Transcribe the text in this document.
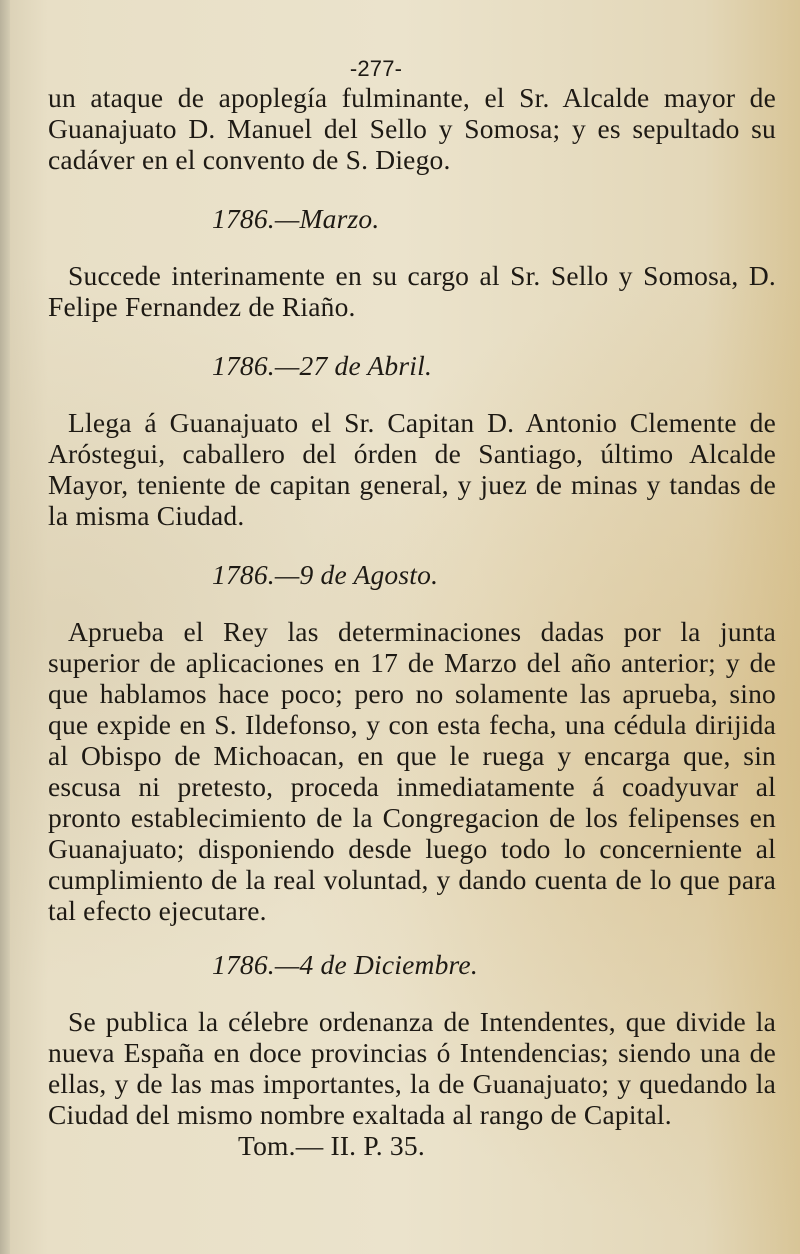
-277-

un ataque de apoplegía fulminante, el Sr. Alcalde mayor de Guanajuato D. Manuel del Sello y Somosa; y es sepultado su cadáver en el convento de S. Diego.

1786.—Marzo.

Succede interinamente en su cargo al Sr. Sello y Somosa, D. Felipe Fernandez de Riaño.

1786.—27 de Abril.

Llega á Guanajuato el Sr. Capitan D. Antonio Clemente de Aróstegui, caballero del órden de Santiago, último Alcalde Mayor, teniente de capitan general, y juez de minas y tandas de la misma Ciudad.

1786.—9 de Agosto.

Aprueba el Rey las determinaciones dadas por la junta superior de aplicaciones en 17 de Marzo del año anterior; y de que hablamos hace poco; pero no solamente las aprueba, sino que expide en S. Ildefonso, y con esta fecha, una cédula dirijida al Obispo de Michoacan, en que le ruega y encarga que, sin escusa ni pretesto, proceda inmediatamente á coadyuvar al pronto establecimiento de la Congregacion de los felipenses en Guanajuato; disponiendo desde luego todo lo concerniente al cumplimiento de la real voluntad, y dando cuenta de lo que para tal efecto ejecutare.

1786.—4 de Diciembre.

Se publica la célebre ordenanza de Intendentes, que divide la nueva España en doce provincias ó Intendencias; siendo una de ellas, y de las mas importantes, la de Guanajuato; y quedando la Ciudad del mismo nombre exaltada al rango de Capital.

Tom.— II. P. 35.
